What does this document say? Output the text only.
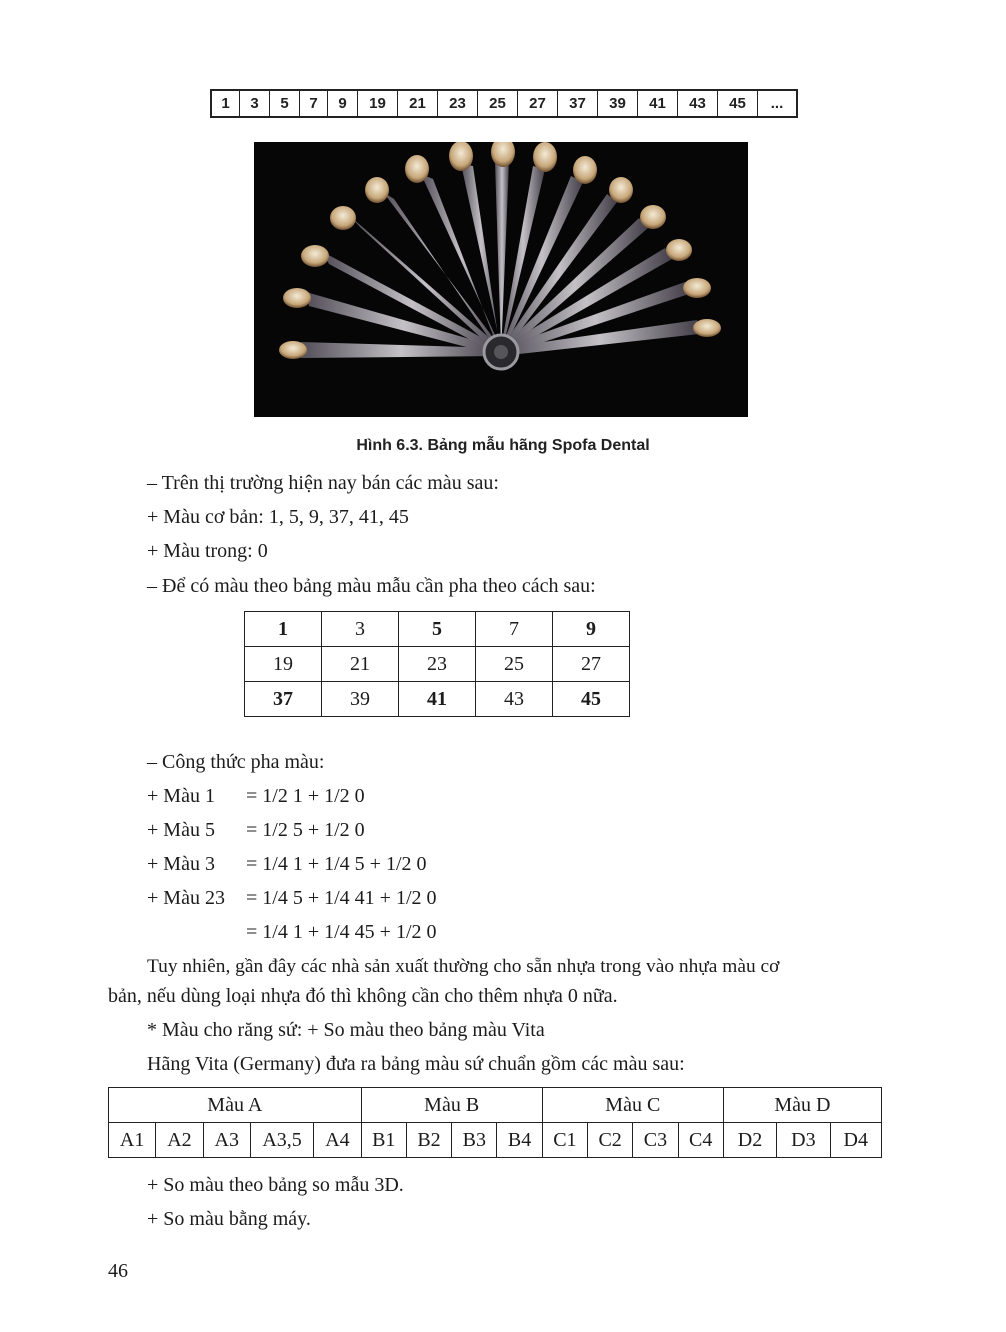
1	3	5	7	9	19	21	23	25	27	37	39	41	43	45	...
Hình 6.3. Bảng mẫu hãng Spofa Dental
– Trên thị trường hiện nay bán các màu sau:
+ Màu cơ bản: 1, 5, 9, 37, 41, 45
+ Màu trong: 0
– Để có màu theo bảng màu mẫu cần pha theo cách sau:
1	3	5	7	9
19	21	23	25	27
37	39	41	43	45
– Công thức pha màu:
+ Màu 1 = 1/2 1 + 1/2 0
+ Màu 5 = 1/2 5 + 1/2 0
+ Màu 3 = 1/4 1 + 1/4 5 + 1/2 0
+ Màu 23 = 1/4 5 + 1/4 41 + 1/2 0
= 1/4 1 + 1/4 45 + 1/2 0
Tuy nhiên, gần đây các nhà sản xuất thường cho sẵn nhựa trong vào nhựa màu cơ
bản, nếu dùng loại nhựa đó thì không cần cho thêm nhựa 0 nữa.
* Màu cho răng sứ: + So màu theo bảng màu Vita
Hãng Vita (Germany) đưa ra bảng màu sứ chuẩn gồm các màu sau:
Màu A					Màu B				Màu C				Màu D		
A1	A2	A3	A3,5	A4	B1	B2	B3	B4	C1	C2	C3	C4	D2	D3	D4
+ So màu theo bảng so mẫu 3D.
+ So màu bằng máy.
46
